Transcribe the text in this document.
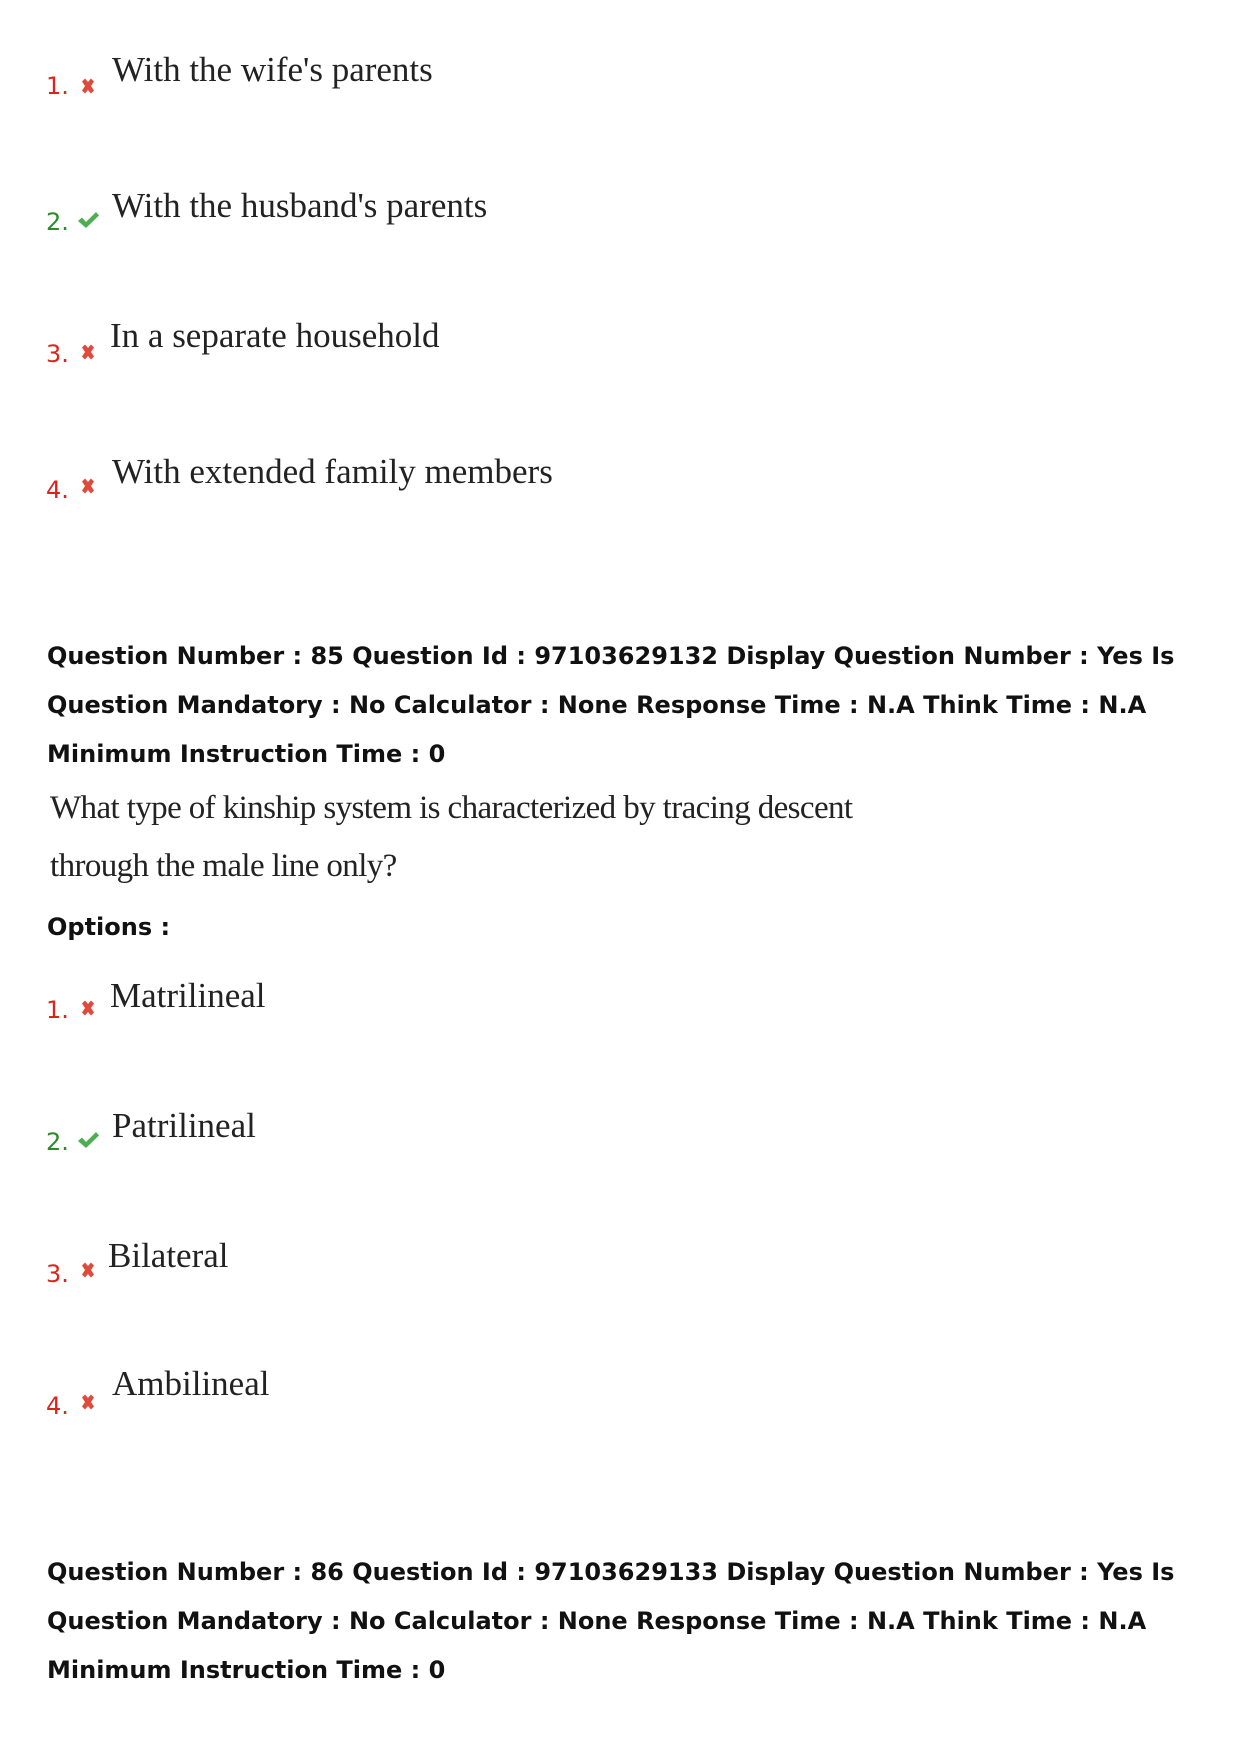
1. With the wife's parents
2. With the husband's parents
3. In a separate household
4. With extended family members
Question Number : 85 Question Id : 97103629132 Display Question Number : Yes Is Question Mandatory : No Calculator : None Response Time : N.A Think Time : N.A Minimum Instruction Time : 0
What type of kinship system is characterized by tracing descent through the male line only?
Options :
1. Matrilineal
2. Patrilineal
3. Bilateral
4.
Ambilineal
Question Number : 86 Question Id : 97103629133 Display Question Number : Yes Is Question Mandatory : No Calculator : None Response Time : N.A Think Time : N.A Minimum Instruction Time : 0
